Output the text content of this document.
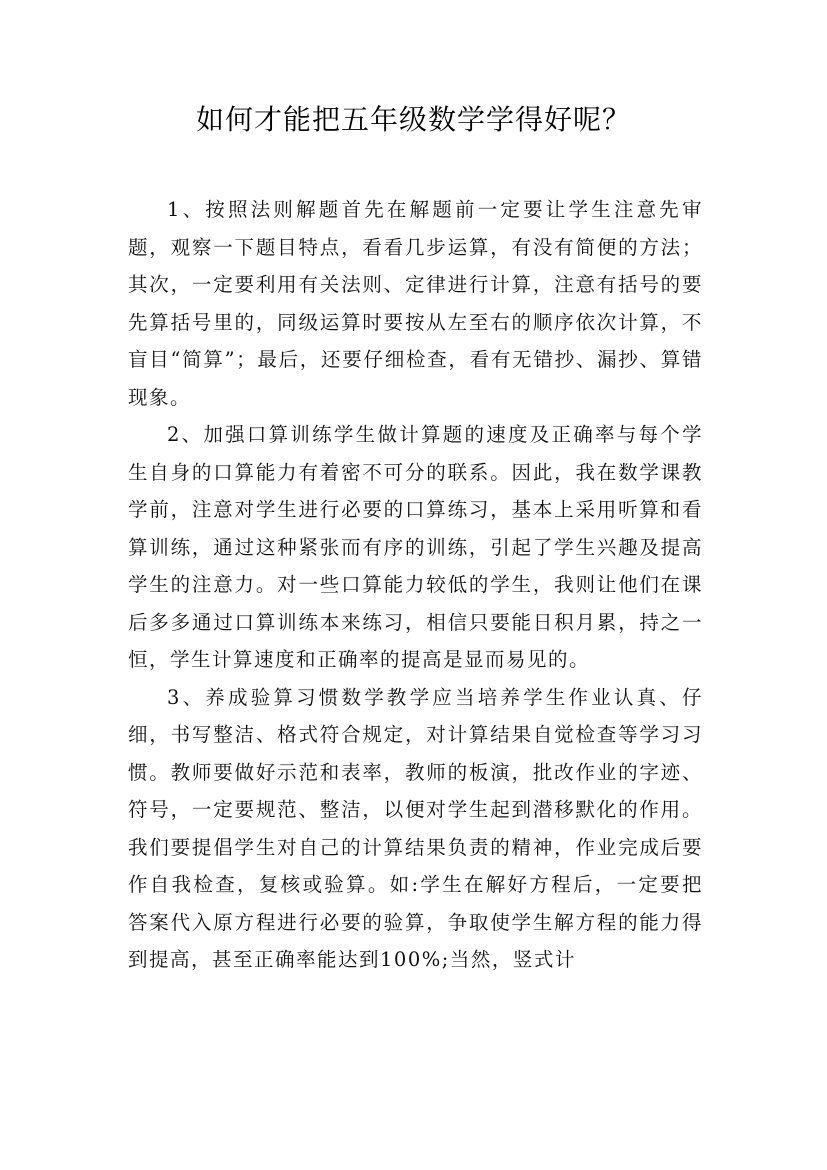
如何才能把五年级数学学得好呢？

1、按照法则解题首先在解题前一定要让学生注意先审题，观察一下题目特点，看看几步运算，有没有简便的方法；其次，一定要利用有关法则、定律进行计算，注意有括号的要先算括号里的，同级运算时要按从左至右的顺序依次计算，不盲目“简算”；最后，还要仔细检查，看有无错抄、漏抄、算错现象。

2、加强口算训练学生做计算题的速度及正确率与每个学生自身的口算能力有着密不可分的联系。因此，我在数学课教学前，注意对学生进行必要的口算练习，基本上采用听算和看算训练，通过这种紧张而有序的训练，引起了学生兴趣及提高学生的注意力。对一些口算能力较低的学生，我则让他们在课后多多通过口算训练本来练习，相信只要能日积月累，持之一恒，学生计算速度和正确率的提高是显而易见的。

3、养成验算习惯数学教学应当培养学生作业认真、仔细，书写整洁、格式符合规定，对计算结果自觉检查等学习习惯。教师要做好示范和表率，教师的板演，批改作业的字迹、符号，一定要规范、整洁，以便对学生起到潜移默化的作用。我们要提倡学生对自己的计算结果负责的精神，作业完成后要作自我检查，复核或验算。如:学生在解好方程后，一定要把答案代入原方程进行必要的验算，争取使学生解方程的能力得到提高，甚至正确率能达到100%;当然，竖式计
